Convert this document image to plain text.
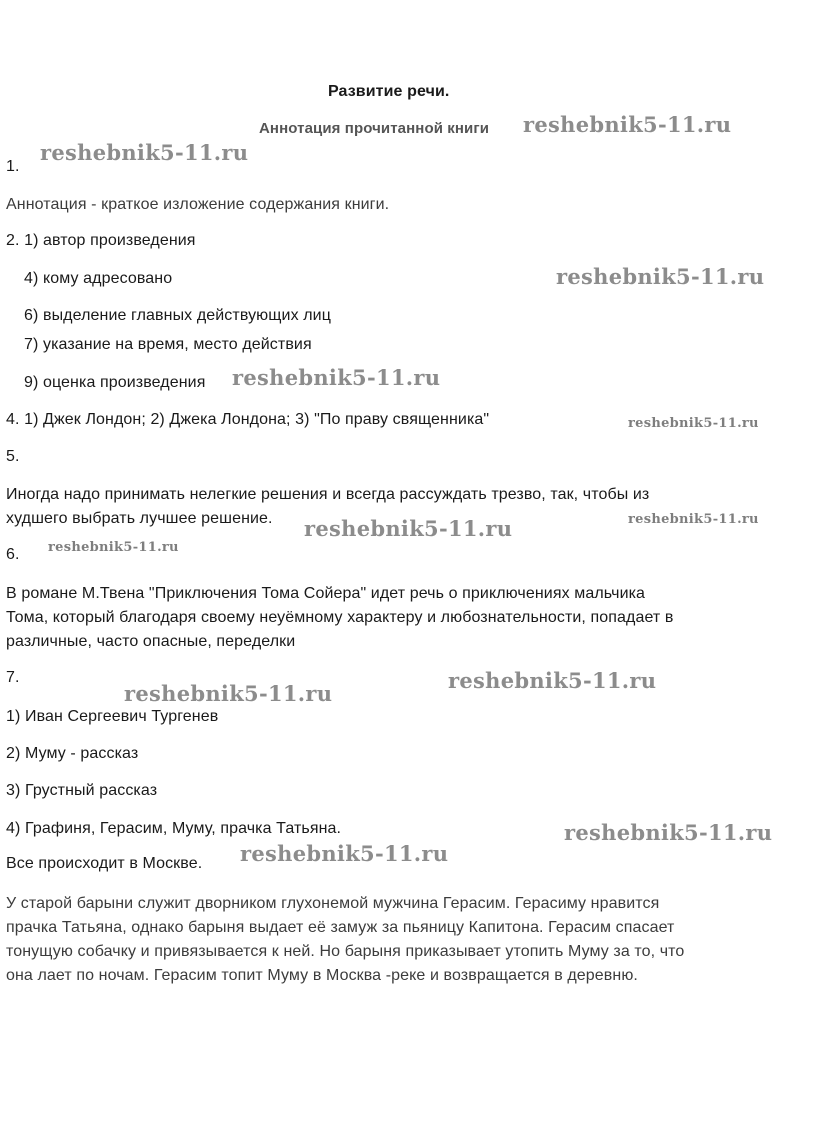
Развитие речи.
Аннотация прочитанной книги
1.
Аннотация - краткое изложение содержания книги.
2. 1) автор произведения
4) кому адресовано
6) выделение главных действующих лиц
7) указание на время, место действия
9) оценка произведения
4. 1) Джек Лондон; 2) Джека Лондона; 3) "По праву священника"
5.
Иногда надо принимать нелегкие решения и всегда рассуждать трезво, так, чтобы из
худшего выбрать лучшее решение.
6.
В романе М.Твена "Приключения Тома Сойера" идет речь о приключениях мальчика
Тома, который благодаря своему неуёмному характеру и любознательности, попадает в
различные, часто опасные, переделки
7.
1) Иван Сергеевич Тургенев
2) Муму - рассказ
3) Грустный рассказ
4) Графиня, Герасим, Муму, прачка Татьяна.
Все происходит в Москве.
У старой барыни служит дворником глухонемой мужчина Герасим. Герасиму нравится
прачка Татьяна, однако барыня выдает её замуж за пьяницу Капитона. Герасим спасает
тонущую собачку и привязывается к ней. Но барыня приказывает утопить Муму за то, что
она лает по ночам. Герасим топит Муму в Москва -реке и возвращается в деревню.
reshebnik5-11.ru
reshebnik5-11.ru
reshebnik5-11.ru
reshebnik5-11.ru
reshebnik5-11.ru
reshebnik5-11.ru	reshebnik5-11.ru
reshebnik5-11.ru
reshebnik5-11.ru
reshebnik5-11.ru
reshebnik5-11.ru
reshebnik5-11.ru
